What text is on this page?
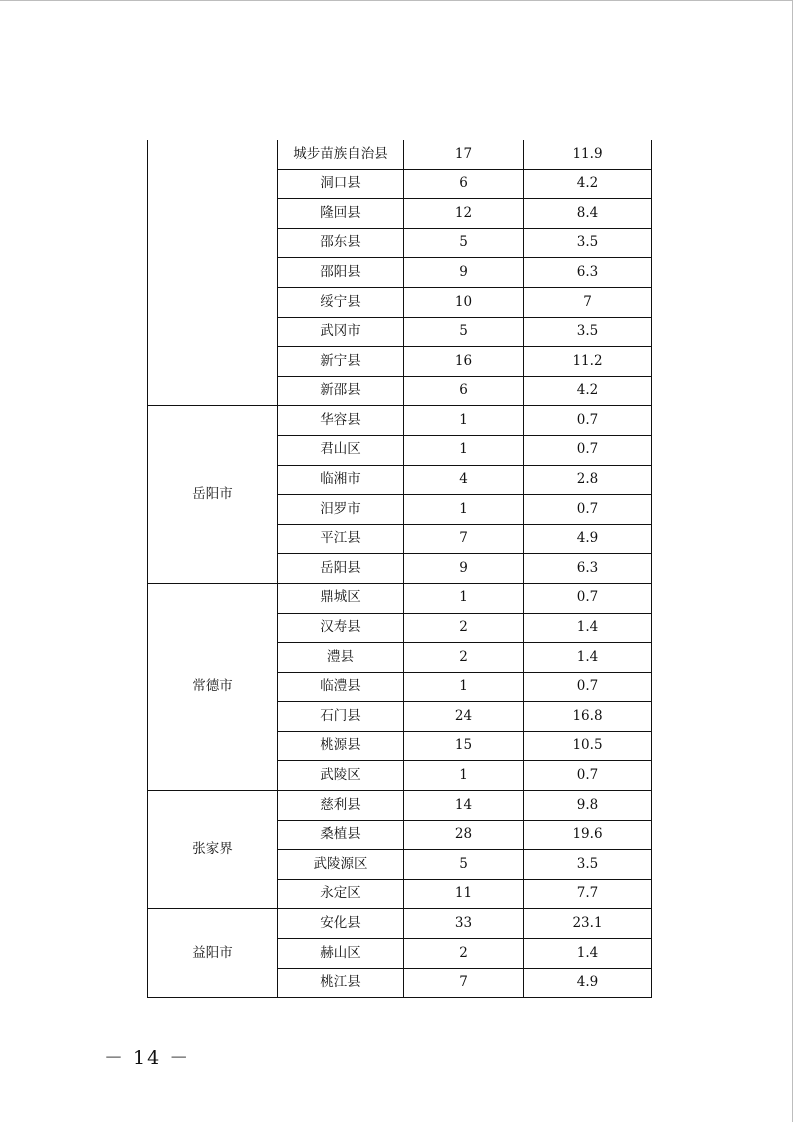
	城步苗族自治县	17	11.9
	洞口县	6	4.2
	隆回县	12	8.4
	邵东县	5	3.5
	邵阳县	9	6.3
	绥宁县	10	7
	武冈市	5	3.5
	新宁县	16	11.2
	新邵县	6	4.2
岳阳市	华容县	1	0.7
	君山区	1	0.7
	临湘市	4	2.8
	汨罗市	1	0.7
	平江县	7	4.9
	岳阳县	9	6.3
常德市	鼎城区	1	0.7
	汉寿县	2	1.4
	澧县	2	1.4
	临澧县	1	0.7
	石门县	24	16.8
	桃源县	15	10.5
	武陵区	1	0.7
张家界	慈利县	14	9.8
	桑植县	28	19.6
	武陵源区	5	3.5
	永定区	11	7.7
益阳市	安化县	33	23.1
	赫山区	2	1.4
	桃江县	7	4.9
－ 14 －
